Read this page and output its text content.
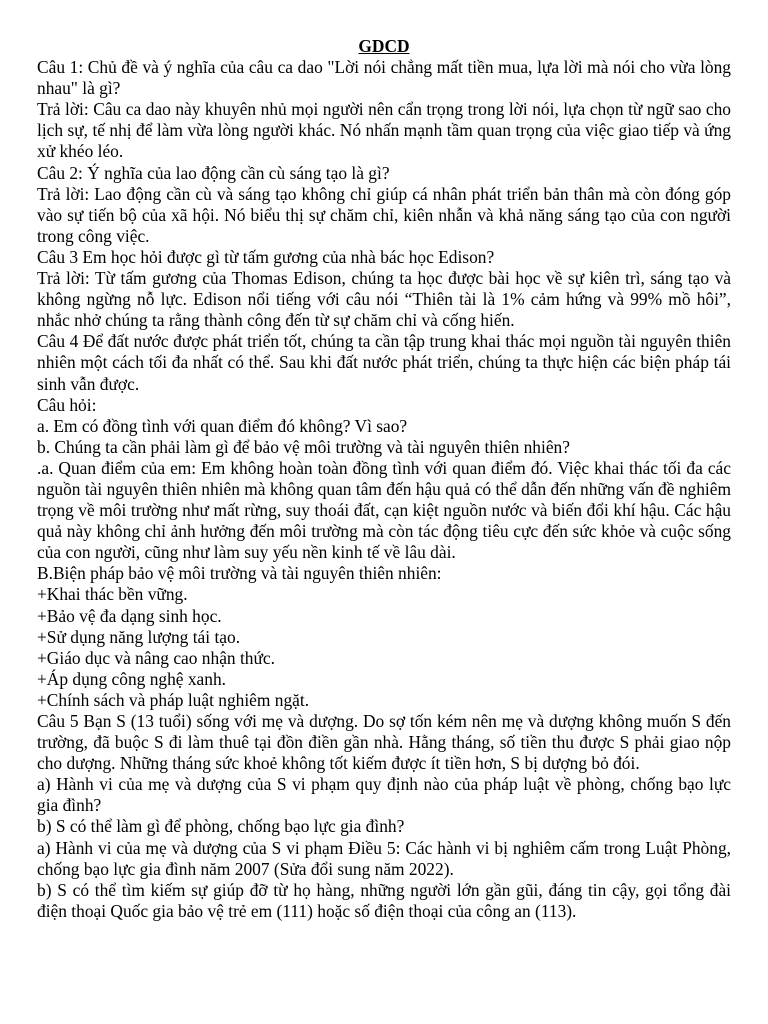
GDCD

Câu 1: Chủ đề và ý nghĩa của câu ca dao "Lời nói chẳng mất tiền mua, lựa lời mà nói cho vừa lòng nhau" là gì?

Trả lời: Câu ca dao này khuyên nhủ mọi người nên cẩn trọng trong lời nói, lựa chọn từ ngữ sao cho lịch sự, tế nhị để làm vừa lòng người khác. Nó nhấn mạnh tầm quan trọng của việc giao tiếp và ứng xử khéo léo.

Câu 2: Ý nghĩa của lao động cần cù sáng tạo là gì?

Trả lời: Lao động cần cù và sáng tạo không chỉ giúp cá nhân phát triển bản thân mà còn đóng góp vào sự tiến bộ của xã hội. Nó biểu thị sự chăm chỉ, kiên nhẫn và khả năng sáng tạo của con người trong công việc.

Câu 3 Em học hỏi được gì từ tấm gương của nhà bác học Edison?

Trả lời: Từ tấm gương của Thomas Edison, chúng ta học được bài học về sự kiên trì, sáng tạo và không ngừng nỗ lực. Edison nổi tiếng với câu nói “Thiên tài là 1% cảm hứng và 99% mồ hôi”, nhắc nhở chúng ta rằng thành công đến từ sự chăm chỉ và cống hiến.

Câu 4 Để đất nước được phát triển tốt, chúng ta cần tập trung khai thác mọi nguồn tài nguyên thiên nhiên một cách tối đa nhất có thể. Sau khi đất nước phát triển, chúng ta thực hiện các biện pháp tái sinh vẫn được.

Câu hỏi:

a. Em có đồng tình với quan điểm đó không? Vì sao?

b. Chúng ta cần phải làm gì để bảo vệ môi trường và tài nguyên thiên nhiên?

.a. Quan điểm của em: Em không hoàn toàn đồng tình với quan điểm đó. Việc khai thác tối đa các nguồn tài nguyên thiên nhiên mà không quan tâm đến hậu quả có thể dẫn đến những vấn đề nghiêm trọng về môi trường như mất rừng, suy thoái đất, cạn kiệt nguồn nước và biến đổi khí hậu. Các hậu quả này không chỉ ảnh hưởng đến môi trường mà còn tác động tiêu cực đến sức khỏe và cuộc sống của con người, cũng như làm suy yếu nền kinh tế về lâu dài.

B.Biện pháp bảo vệ môi trường và tài nguyên thiên nhiên:

+Khai thác bền vững.

+Bảo vệ đa dạng sinh học.

+Sử dụng năng lượng tái tạo.

+Giáo dục và nâng cao nhận thức.

+Áp dụng công nghệ xanh.

+Chính sách và pháp luật nghiêm ngặt.

Câu 5 Bạn S (13 tuổi) sống với mẹ và dượng. Do sợ tốn kém nên mẹ và dượng không muốn S đến trường, đã buộc S đi làm thuê tại đồn điền gần nhà. Hằng tháng, số tiền thu được S phải giao nộp cho dượng. Những tháng sức khoẻ không tốt kiếm được ít tiền hơn, S bị dượng bỏ đói.

a) Hành vi của mẹ và dượng của S vi phạm quy định nào của pháp luật về phòng, chống bạo lực gia đình?

b) S có thể làm gì để phòng, chống bạo lực gia đình?

a) Hành vi của mẹ và dượng của S vi phạm Điều 5: Các hành vi bị nghiêm cấm trong Luật Phòng, chống bạo lực gia đình năm 2007 (Sửa đổi sung năm 2022).

b) S có thể tìm kiếm sự giúp đỡ từ họ hàng, những người lớn gần gũi, đáng tin cậy, gọi tổng đài điện thoại Quốc gia bảo vệ trẻ em (111) hoặc số điện thoại của công an (113).
